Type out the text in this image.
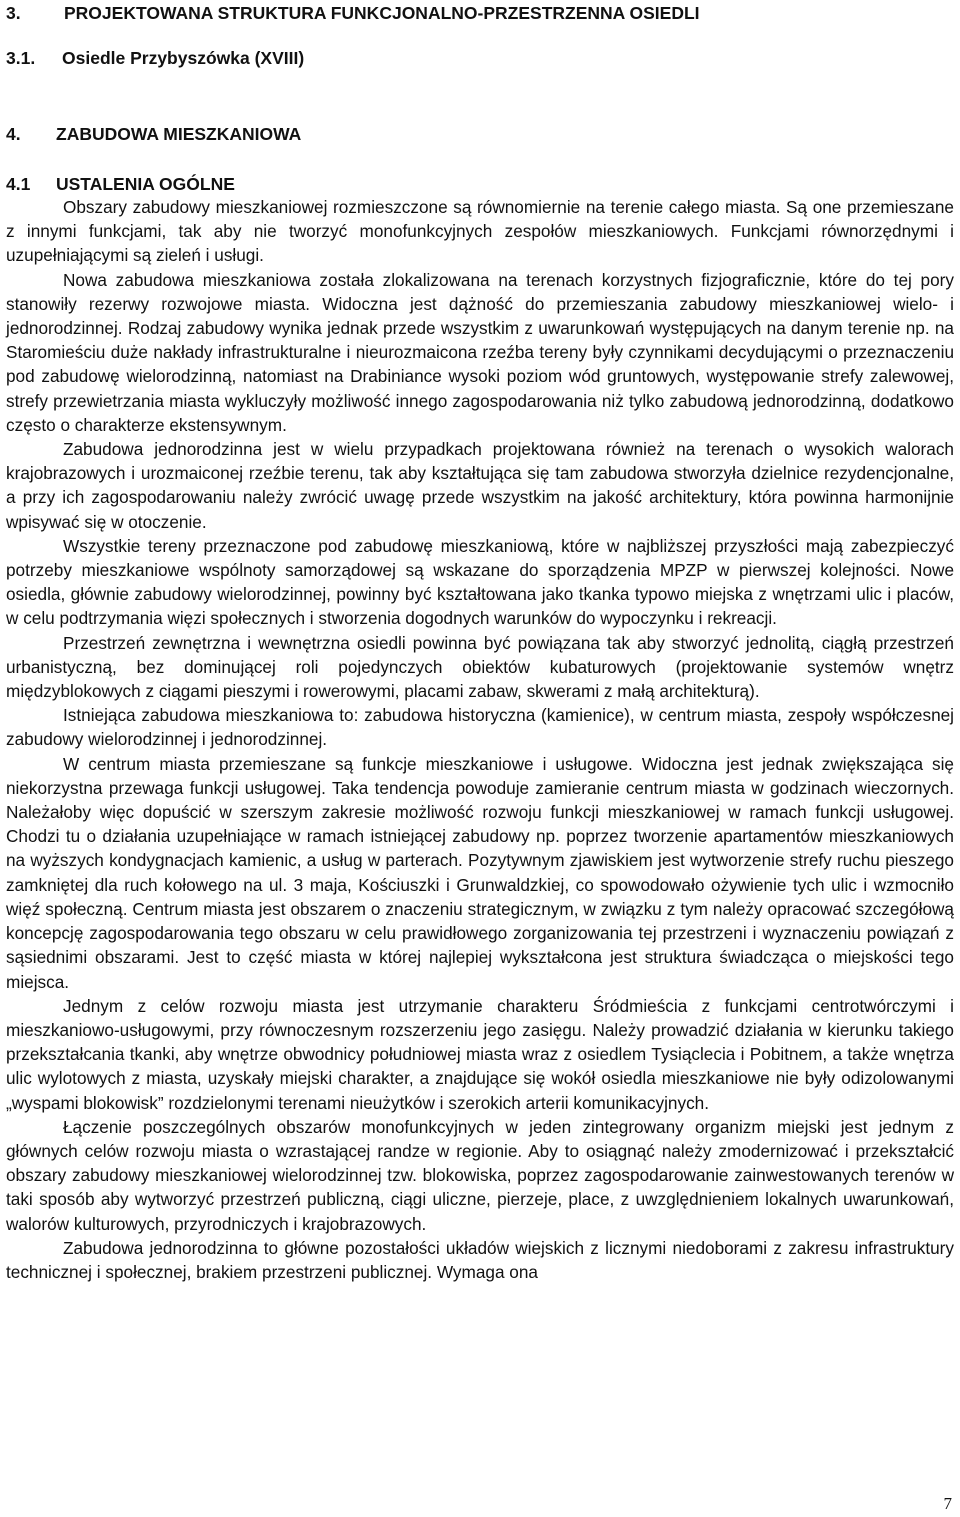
3. PROJEKTOWANA STRUKTURA FUNKCJONALNO-PRZESTRZENNA OSIEDLI
3.1. Osiedle Przybyszówka (XVIII)
4. ZABUDOWA MIESZKANIOWA
4.1 USTALENIA OGÓLNE

Obszary zabudowy mieszkaniowej rozmieszczone są równomiernie na terenie całego miasta. Są one przemieszane z innymi funkcjami, tak aby nie tworzyć monofunkcyjnych zespołów mieszkaniowych. Funkcjami równorzędnymi i uzupełniającymi są zieleń i usługi.

Nowa zabudowa mieszkaniowa została zlokalizowana na terenach korzystnych fizjograficznie, które do tej pory stanowiły rezerwy rozwojowe miasta. Widoczna jest dążność do przemieszania zabudowy mieszkaniowej wielo- i jednorodzinnej. Rodzaj zabudowy wynika jednak przede wszystkim z uwarunkowań występujących na danym terenie np. na Staromieściu duże nakłady infrastrukturalne i nieurozmaicona rzeźba tereny były czynnikami decydującymi o przeznaczeniu pod zabudowę wielorodzinną, natomiast na Drabiniance wysoki poziom wód gruntowych, występowanie strefy zalewowej, strefy przewietrzania miasta wykluczyły możliwość innego zagospodarowania niż tylko zabudową jednorodzinną, dodatkowo często o charakterze ekstensywnym.

Zabudowa jednorodzinna jest w wielu przypadkach projektowana również na terenach o wysokich walorach krajobrazowych i urozmaiconej rzeźbie terenu, tak aby kształtująca się tam zabudowa stworzyła dzielnice rezydencjonalne, a przy ich zagospodarowaniu należy zwrócić uwagę przede wszystkim na jakość architektury, która powinna harmonijnie wpisywać się w otoczenie.

Wszystkie tereny przeznaczone pod zabudowę mieszkaniową, które w najbliższej przyszłości mają zabezpieczyć potrzeby mieszkaniowe wspólnoty samorządowej są wskazane do sporządzenia MPZP w pierwszej kolejności. Nowe osiedla, głównie zabudowy wielorodzinnej, powinny być kształtowana jako tkanka typowo miejska z wnętrzami ulic i placów, w celu podtrzymania więzi społecznych i stworzenia dogodnych warunków do wypoczynku i rekreacji.

Przestrzeń zewnętrzna i wewnętrzna osiedli powinna być powiązana tak aby stworzyć jednolitą, ciągłą przestrzeń urbanistyczną, bez dominującej roli pojedynczych obiektów kubaturowych (projektowanie systemów wnętrz międzyblokowych z ciągami pieszymi i rowerowymi, placami zabaw, skwerami z małą architekturą).

Istniejąca zabudowa mieszkaniowa to: zabudowa historyczna (kamienice), w centrum miasta, zespoły współczesnej zabudowy wielorodzinnej i jednorodzinnej.

W centrum miasta przemieszane są funkcje mieszkaniowe i usługowe. Widoczna jest jednak zwiększająca się niekorzystna przewaga funkcji usługowej. Taka tendencja powoduje zamieranie centrum miasta w godzinach wieczornych. Należałoby więc dopuścić w szerszym zakresie możliwość rozwoju funkcji mieszkaniowej w ramach funkcji usługowej. Chodzi tu o działania uzupełniające w ramach istniejącej zabudowy np. poprzez tworzenie apartamentów mieszkaniowych na wyższych kondygnacjach kamienic, a usług w parterach. Pozytywnym zjawiskiem jest wytworzenie strefy ruchu pieszego zamkniętej dla ruch kołowego na ul. 3 maja, Kościuszki i Grunwaldzkiej, co spowodowało ożywienie tych ulic i wzmocniło więź społeczną. Centrum miasta jest obszarem o znaczeniu strategicznym, w związku z tym należy opracować szczegółową koncepcję zagospodarowania tego obszaru w celu prawidłowego zorganizowania tej przestrzeni i wyznaczeniu powiązań z sąsiednimi obszarami. Jest to część miasta w której najlepiej wykształcona jest struktura świadcząca o miejskości tego miejsca.

Jednym z celów rozwoju miasta jest utrzymanie charakteru Śródmieścia z funkcjami centrotwórczymi i mieszkaniowo-usługowymi, przy równoczesnym rozszerzeniu jego zasięgu. Należy prowadzić działania w kierunku takiego przekształcania tkanki, aby wnętrze obwodnicy południowej miasta wraz z osiedlem Tysiąclecia i Pobitnem, a także wnętrza ulic wylotowych z miasta, uzyskały miejski charakter, a znajdujące się wokół osiedla mieszkaniowe nie były odizolowanymi „wyspami blokowisk” rozdzielonymi terenami nieużytków i szerokich arterii komunikacyjnych.

Łączenie poszczególnych obszarów monofunkcyjnych w jeden zintegrowany organizm miejski jest jednym z głównych celów rozwoju miasta o wzrastającej randze w regionie. Aby to osiągnąć należy zmodernizować i przekształcić obszary zabudowy mieszkaniowej wielorodzinnej tzw. blokowiska, poprzez zagospodarowanie zainwestowanych terenów w taki sposób aby wytworzyć przestrzeń publiczną, ciągi uliczne, pierzeje, place, z uwzględnieniem lokalnych uwarunkowań, walorów kulturowych, przyrodniczych i krajobrazowych.

Zabudowa jednorodzinna to główne pozostałości układów wiejskich z licznymi niedoborami z zakresu infrastruktury technicznej i społecznej, brakiem przestrzeni publicznej. Wymaga ona

7
